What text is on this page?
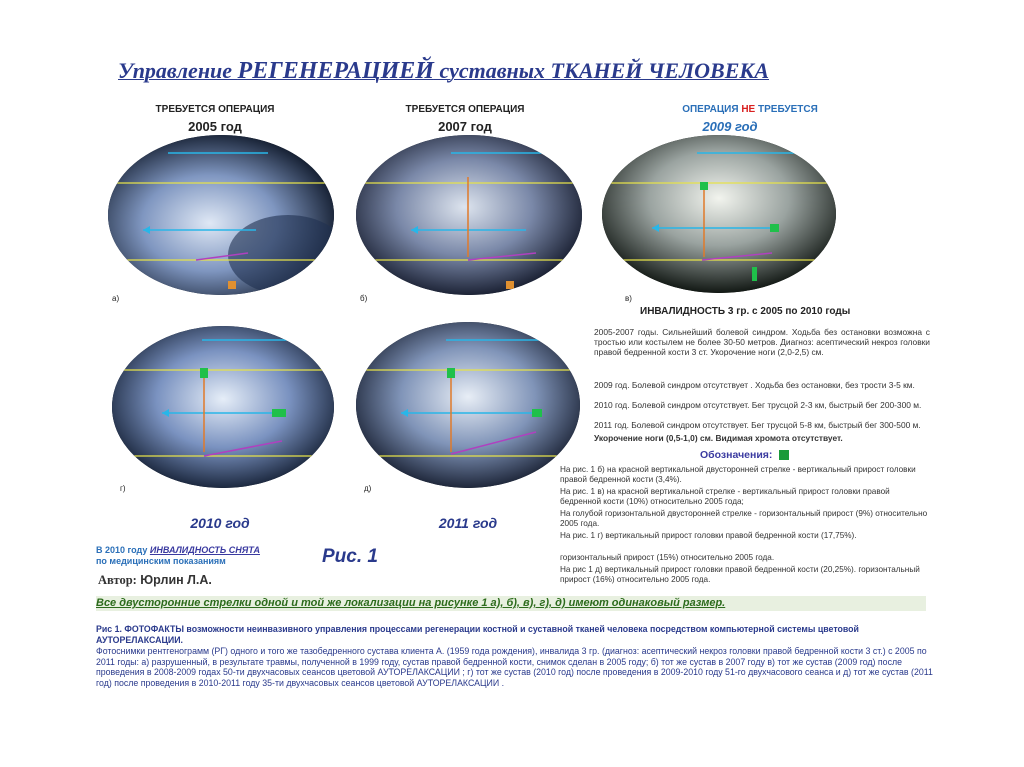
Управление РЕГЕНЕРАЦИЕЙ суставных ТКАНЕЙ ЧЕЛОВЕКА
ТРЕБУЕТСЯ ОПЕРАЦИЯ
2005 год
ТРЕБУЕТСЯ ОПЕРАЦИЯ
2007 год
ОПЕРАЦИЯ НЕ ТРЕБУЕТСЯ
2009 год
а)	б)	в)
г)	д)
2010 год	2011 год
ИНВАЛИДНОСТЬ 3 гр. с 2005 по 2010 годы
2005-2007 годы. Сильнейший болевой синдром. Ходьба без остановки возможна с тростью или костылем не более 30-50 метров. Диагноз: асептический некроз головки правой бедренной кости 3 ст. Укорочение ноги (2,0-2,5) см.
2009 год. Болевой синдром отсутствует . Ходьба без остановки, без трости 3-5 км.
2010 год. Болевой синдром отсутствует. Бег трусцой 2-3 км, быстрый бег 200-300 м.
2011 год. Болевой синдром отсутствует. Бег трусцой 5-8 км, быстрый бег 300-500 м.
Укорочение ноги (0,5-1,0) см. Видимая хромота отсутствует.
Обозначения:
На рис. 1 б) на красной вертикальной двусторонней стрелке - вертикальный прирост головки правой бедренной кости (3,4%).
На рис. 1 в) на красной вертикальной стрелке - вертикальный прирост головки правой бедренной кости (10%) относительно 2005 года;
На голубой горизонтальной двусторонней стрелке - горизонтальный прирост (9%) относительно 2005 года.
На рис. 1 г) вертикальный прирост головки правой бедренной кости (17,75%).
горизонтальный прирост (15%) относительно 2005 года.
На рис 1 д) вертикальный прирост головки правой бедренной кости (20,25%). горизонтальный прирост (16%) относительно 2005 года.
В 2010 году ИНВАЛИДНОСТЬ СНЯТА
по медицинским показаниям	Рис. 1
Автор: Юрлин Л.А.
Все двусторонние стрелки одной и той же локализации на рисунке 1 а), б), в), г), д) имеют одинаковый размер.
Рис 1. ФОТОФАКТЫ возможности неинвазивного управления процессами регенерации костной и суставной тканей человека посредством компьютерной системы цветовой АУТОРЕЛАКСАЦИИ.
Фотоснимки рентгенограмм (РГ) одного и того же тазобедренного сустава клиента А. (1959 года рождения), инвалида 3 гр. (диагноз: асептический некроз головки правой бедренной кости 3 ст.) с 2005 по 2011 годы: а) разрушенный, в результате травмы, полученной в 1999 году, сустав правой бедренной кости, снимок сделан в 2005 году; б) тот же сустав в 2007 году в) тот же сустав (2009 год) после проведения в 2008-2009 годах 50-ти двухчасовых сеансов цветовой АУТОРЕЛАКСАЦИИ ; г) тот же сустав (2010 год) после проведения в 2009-2010 году 51-го двухчасового сеанса и д) тот же сустав (2011 год) после проведения в 2010-2011 году 35-ти двухчасовых сеансов цветовой АУТОРЕЛАКСАЦИИ .
